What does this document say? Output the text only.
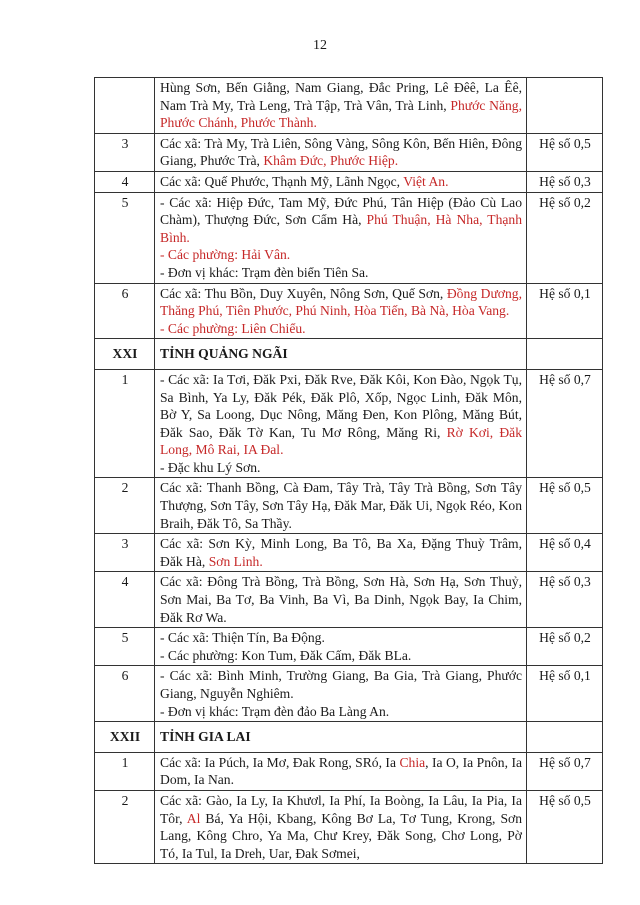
12

	Hùng Sơn, Bến Giằng, Nam Giang, Đắc Pring, Lê Đêê, La Êê, Nam Trà My, Trà Leng, Trà Tập, Trà Vân, Trà Linh, Phước Năng, Phước Chánh, Phước Thành.	

3	Các xã: Trà My, Trà Liên, Sông Vàng, Sông Kôn, Bến Hiên, Đông Giang, Phước Trà, Khâm Đức, Phước Hiệp.	Hệ số 0,5
4	Các xã: Quế Phước, Thạnh Mỹ, Lãnh Ngọc, Việt An.	Hệ số 0,3
5	- Các xã: Hiệp Đức, Tam Mỹ, Đức Phú, Tân Hiệp (Đảo Cù Lao Chàm), Thượng Đức, Sơn Cẩm Hà, Phú Thuận, Hà Nha, Thạnh Bình.
- Các phường: Hải Vân.
- Đơn vị khác: Trạm đèn biển Tiên Sa.	Hệ số 0,2
6	Các xã: Thu Bồn, Duy Xuyên, Nông Sơn, Quế Sơn, Đồng Dương, Thăng Phú, Tiên Phước, Phú Ninh, Hòa Tiến, Bà Nà, Hòa Vang.
- Các phường: Liên Chiểu.	Hệ số 0,1
XXI	TỈNH QUẢNG NGÃI	
1	- Các xã: Ia Tơi, Đăk Pxi, Đăk Rve, Đăk Kôi, Kon Đào, Ngọk Tụ, Sa Bình, Ya Ly, Đăk Pék, Đăk Plô, Xốp, Ngọc Linh, Đăk Môn, Bờ Y, Sa Loong, Dục Nông, Măng Đen, Kon Plông, Măng Bút, Đăk Sao, Đăk Tờ Kan, Tu Mơ Rông, Măng Ri, Rờ Kơi, Đăk Long, Mô Rai, IA Đal.
- Đặc khu Lý Sơn.	Hệ số 0,7
2	Các xã: Thanh Bồng, Cà Đam, Tây Trà, Tây Trà Bồng, Sơn Tây Thượng, Sơn Tây, Sơn Tây Hạ, Đăk Mar, Đăk Ui, Ngọk Réo, Kon Braih, Đăk Tô, Sa Thầy.	Hệ số 0,5
3	Các xã: Sơn Kỳ, Minh Long, Ba Tô, Ba Xa, Đặng Thuỳ Trâm, Đăk Hà, Sơn Linh.	Hệ số 0,4
4	Các xã: Đông Trà Bồng, Trà Bồng, Sơn Hà, Sơn Hạ, Sơn Thuỷ, Sơn Mai, Ba Tơ, Ba Vinh, Ba Vì, Ba Dinh, Ngọk Bay, Ia Chim, Đăk Rơ Wa.	Hệ số 0,3
5	- Các xã: Thiện Tín, Ba Động.
- Các phường: Kon Tum, Đăk Cấm, Đăk BLa.	Hệ số 0,2
6	- Các xã: Bình Minh, Trường Giang, Ba Gia, Trà Giang, Phước Giang, Nguyễn Nghiêm.
- Đơn vị khác: Trạm đèn đảo Ba Làng An.	Hệ số 0,1
XXII	TỈNH GIA LAI	
1	Các xã: Ia Púch, Ia Mơ, Đak Rong, SRó, Ia Chia, Ia O, Ia Pnôn, Ia Dom, Ia Nan.	Hệ số 0,7
2	Các xã: Gào, Ia Ly, Ia Khươl, Ia Phí, Ia Boòng, Ia Lâu, Ia Pia, Ia Tôr, Al Bá, Ya Hội, Kbang, Kông Bơ La, Tơ Tung, Krong, Sơn Lang, Kông Chro, Ya Ma, Chư Krey, Đăk Song, Chơ Long, Pờ Tó, Ia Tul, Ia Dreh, Uar, Đak Sơmei,	Hệ số 0,5
